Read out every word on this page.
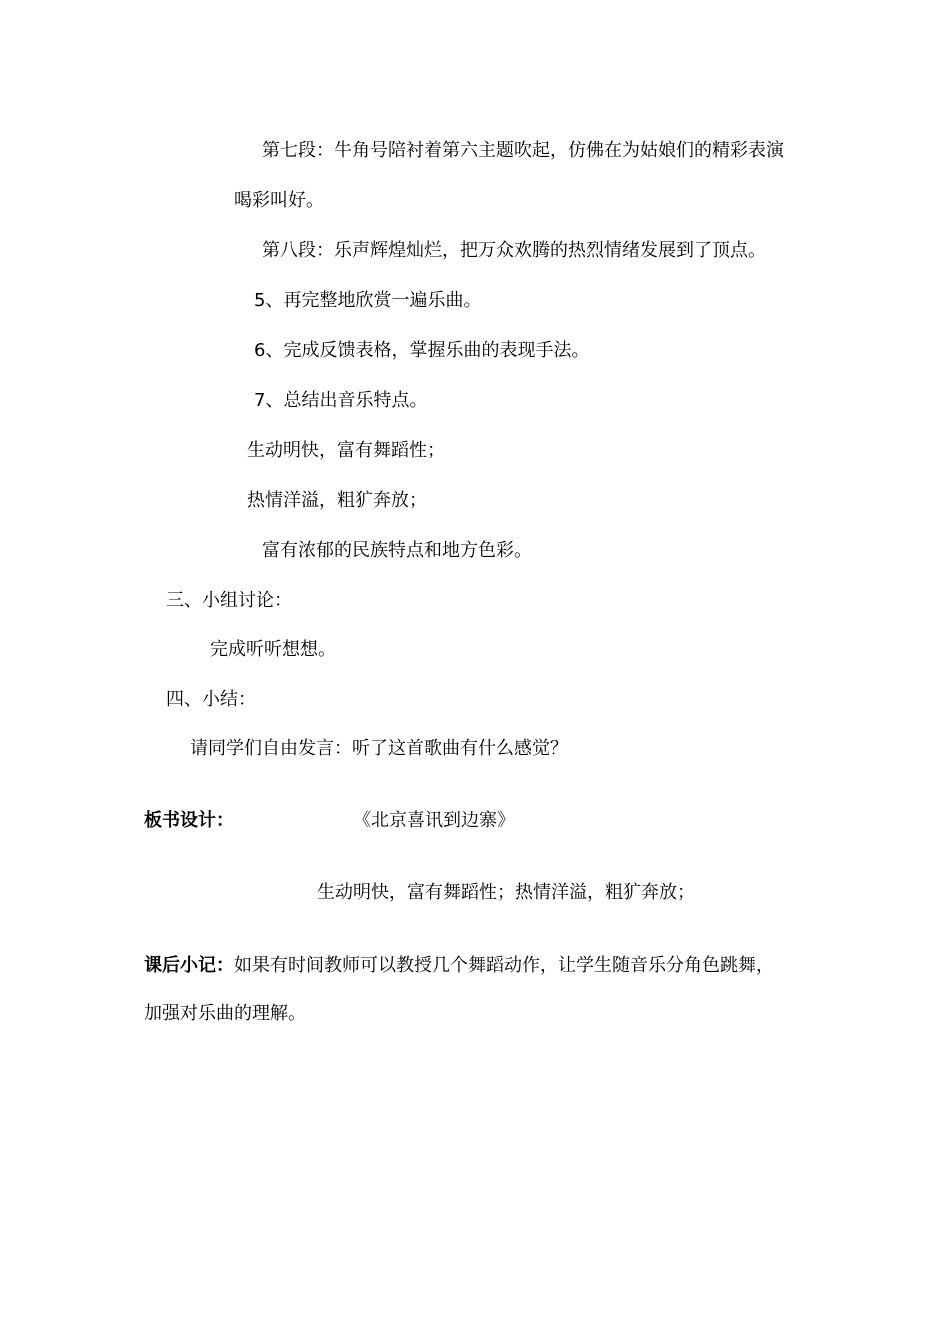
第七段：牛角号陪衬着第六主题吹起，仿佛在为姑娘们的精彩表演

喝彩叫好。

第八段：乐声辉煌灿烂，把万众欢腾的热烈情绪发展到了顶点。

5、再完整地欣赏一遍乐曲。

6、完成反馈表格，掌握乐曲的表现手法。

7、总结出音乐特点。

生动明快，富有舞蹈性；

热情洋溢，粗犷奔放；

富有浓郁的民族特点和地方色彩。

三、小组讨论：

完成听听想想。

四、小结：

请同学们自由发言：听了这首歌曲有什么感觉？

板书设计：	《北京喜讯到边寨》

生动明快，富有舞蹈性；热情洋溢，粗犷奔放；

课后小记：如果有时间教师可以教授几个舞蹈动作，让学生随音乐分角色跳舞，

加强对乐曲的理解。
